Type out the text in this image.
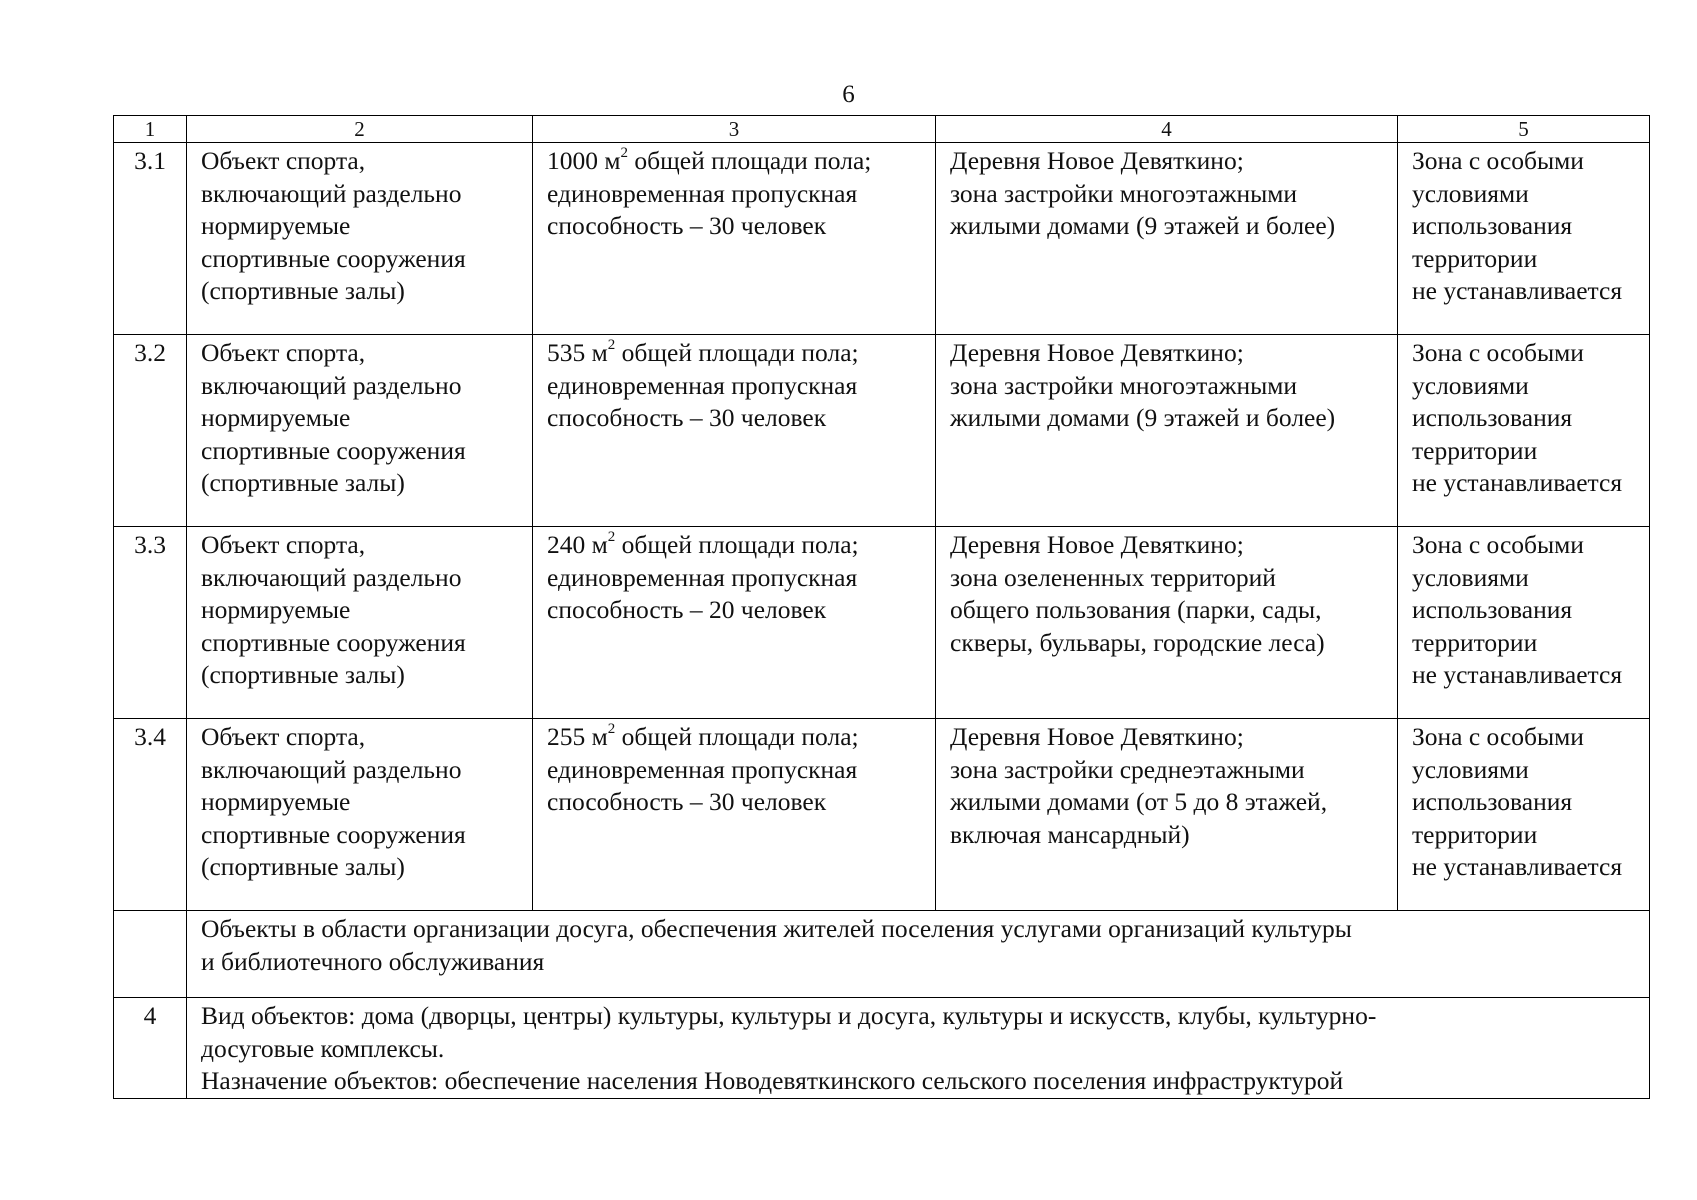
6
1	2	3	4	5
3.1	Объект спорта,
включающий раздельно
нормируемые
спортивные сооружения
(спортивные залы)	1000 $м^2$ общей площади пола;
единовременная пропускная
способность – 30 человек	Деревня Новое Девяткино;
зона застройки многоэтажными
жилыми домами (9 этажей и более)	Зона с особыми
условиями
использования
территории
не устанавливается

3.2	Объект спорта,
включающий раздельно
нормируемые
спортивные сооружения
(спортивные залы)	535 $м^2$ общей площади пола;
единовременная пропускная
способность – 30 человек	Деревня Новое Девяткино;
зона застройки многоэтажными
жилыми домами (9 этажей и более)	Зона с особыми
условиями
использования
территории
не устанавливается

3.3	Объект спорта,
включающий раздельно
нормируемые
спортивные сооружения
(спортивные залы)	240 $м^2$ общей площади пола;
единовременная пропускная
способность – 20 человек	Деревня Новое Девяткино;
зона озелененных территорий
общего пользования (парки, сады,
скверы, бульвары, городские леса)	Зона с особыми
условиями
использования
территории
не устанавливается

3.4	Объект спорта,
включающий раздельно
нормируемые
спортивные сооружения
(спортивные залы)	255 $м^2$ общей площади пола;
единовременная пропускная
способность – 30 человек	Деревня Новое Девяткино;
зона застройки среднеэтажными
жилыми домами (от 5 до 8 этажей,
включая мансардный)	Зона с особыми
условиями
использования
территории
не устанавливается

	Объекты в области организации досуга, обеспечения жителей поселения услугами организаций культуры
и библиотечного обслуживания			

4	Вид объектов: дома (дворцы, центры) культуры, культуры и досуга, культуры и искусств, клубы, культурно-
досуговые комплексы.
Назначение объектов: обеспечение населения Новодевяткинского сельского поселения инфраструктурой			
